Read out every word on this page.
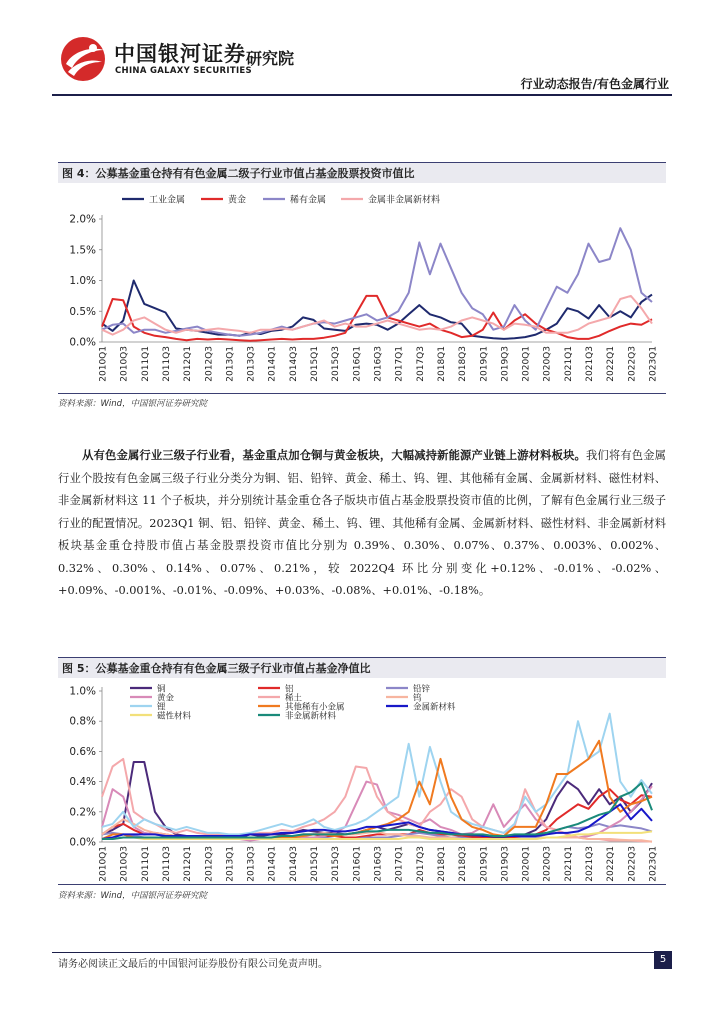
中国银河证券
CHINA GALAXY SECURITIES
研究院
行业动态报告/有色金属行业
图 4：公募基金重仓持有有色金属二级子行业市值占基金股票投资市值比
0.0%
0.5%
1.0%
1.5%
2.0%
2010Q1 2010Q3 2011Q1 2011Q3 2012Q1 2012Q3 2013Q1 2013Q3 2014Q1 2014Q3 2015Q1 2015Q3 2016Q1 2016Q3 2017Q1 2017Q3 2018Q1 2018Q3 2019Q1 2019Q3 2020Q1 2020Q3 2021Q1 2021Q3 2022Q1 2022Q3 2023Q1
工业金属	黄金	稀有金属	金属非金属新材料
资料来源：Wind，中国银河证券研究院
从有色金属行业三级子行业看，基金重点加仓铜与黄金板块，大幅减持新能源产业链上游材料板块。我们将有色金属行业个股按有色金属三级子行业分类分为铜、铝、铅锌、黄金、稀土、钨、锂、其他稀有金属、金属新材料、磁性材料、非金属新材料这 11 个子板块，并分别统计基金重仓各子版块市值占基金股票投资市值的比例，了解有色金属行业三级子行业的配置情况。2023Q1 铜、铝、铅锌、黄金、稀土、钨、锂、其他稀有金属、金属新材料、磁性材料、非金属新材料板块基金重仓持股市值占基金股票投资市值比分别为 0.39%、0.30%、0.07%、0.37%、0.003%、0.002%、0.32%、0.30%、0.14%、0.07%、0.21%，较 2022Q4 环比分别变化+0.12%、-0.01%、-0.02%、+0.09%、-0.001%、-0.01%、-0.09%、+0.03%、-0.08%、+0.01%、-0.18%。
图 5：公募基金重仓持有有色金属三级子行业市值占基金净值比
0.0%
0.2%
0.4%
0.6%
0.8%
1.0%
2010Q1 2010Q3 2011Q1 2011Q3 2012Q1 2012Q3 2013Q1 2013Q3 2014Q1 2014Q3 2015Q1 2015Q3 2016Q1 2016Q3 2017Q1 2017Q3 2018Q1 2018Q3 2019Q1 2019Q3 2020Q1 2020Q3 2021Q1 2021Q3 2022Q1 2022Q3 2023Q1
铜	铝	铅锌
黄金	稀土	钨
锂	其他稀有小金属	金属新材料
磁性材料	非金属新材料
资料来源：Wind，中国银河证券研究院
请务必阅读正文最后的中国银河证券股份有限公司免责声明。	5
